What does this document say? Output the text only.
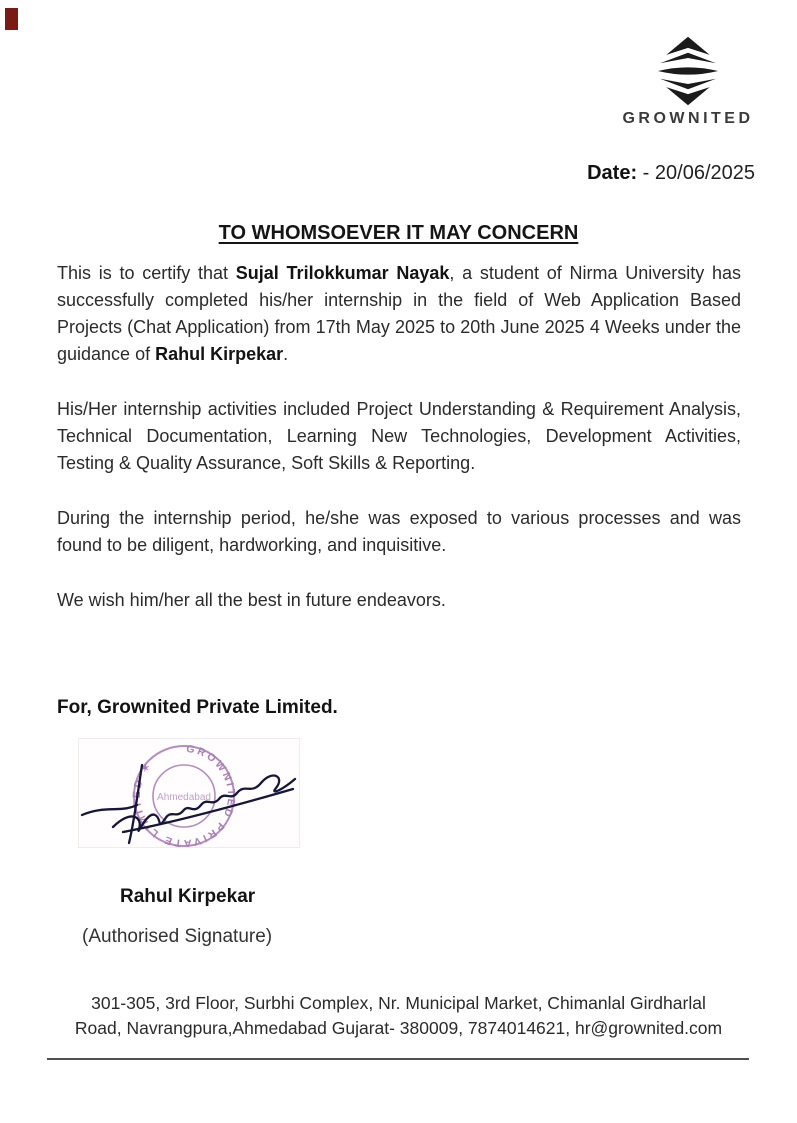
GROWNITED
Date: - 20/06/2025
TO WHOMSOEVER IT MAY CONCERN

This is to certify that Sujal Trilokkumar Nayak, a student of Nirma University has successfully completed his/her internship in the field of Web Application Based Projects (Chat Application) from 17th May 2025 to 20th June 2025 4 Weeks under the guidance of Rahul Kirpekar.

His/Her internship activities included Project Understanding & Requirement Analysis, Technical Documentation, Learning New Technologies, Development Activities, Testing & Quality Assurance, Soft Skills & Reporting.

During the internship period, he/she was exposed to various processes and was found to be diligent, hardworking, and inquisitive.

We wish him/her all the best in future endeavors.

For, Grownited Private Limited.
GROWNITED PRIVATE LIMITED ✶
Ahmedabad
Rahul Kirpekar
(Authorised Signature)
301-305, 3rd Floor, Surbhi Complex, Nr. Municipal Market, Chimanlal Girdharlal
Road, Navrangpura,Ahmedabad Gujarat- 380009, 7874014621, hr@grownited.com
